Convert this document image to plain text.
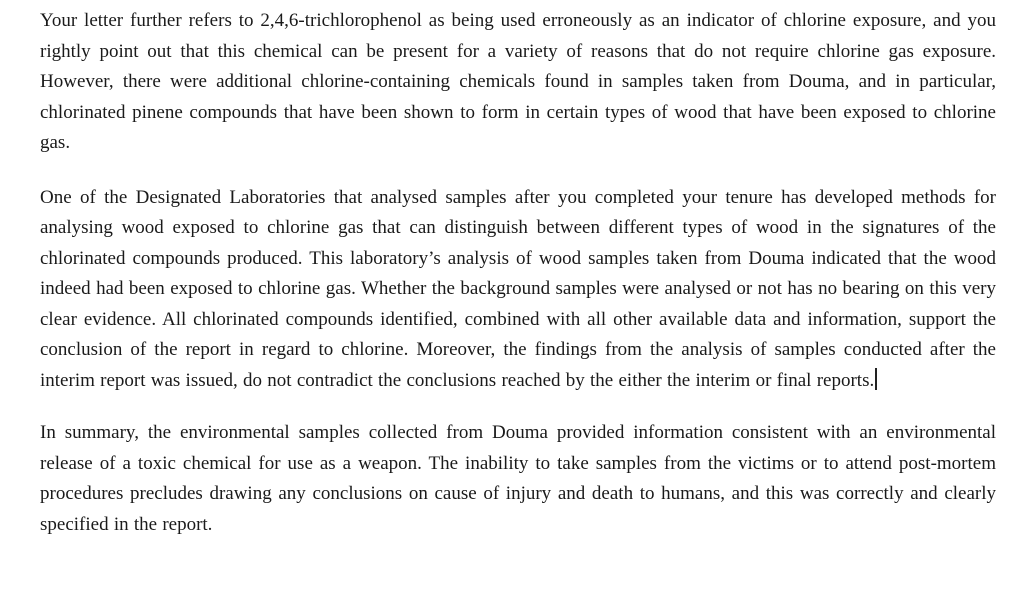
Your letter further refers to 2,4,6-trichlorophenol as being used erroneously as an indicator of chlorine exposure, and you rightly point out that this chemical can be present for a variety of reasons that do not require chlorine gas exposure. However, there were additional chlorine-containing chemicals found in samples taken from Douma, and in particular, chlorinated pinene compounds that have been shown to form in certain types of wood that have been exposed to chlorine gas.

One of the Designated Laboratories that analysed samples after you completed your tenure has developed methods for analysing wood exposed to chlorine gas that can distinguish between different types of wood in the signatures of the chlorinated compounds produced. This laboratory’s analysis of wood samples taken from Douma indicated that the wood indeed had been exposed to chlorine gas. Whether the background samples were analysed or not has no bearing on this very clear evidence. All chlorinated compounds identified, combined with all other available data and information, support the conclusion of the report in regard to chlorine. Moreover, the findings from the analysis of samples conducted after the interim report was issued, do not contradict the conclusions reached by the either the interim or final reports.

In summary, the environmental samples collected from Douma provided information consistent with an environmental release of a toxic chemical for use as a weapon. The inability to take samples from the victims or to attend post-mortem procedures precludes drawing any conclusions on cause of injury and death to humans, and this was correctly and clearly specified in the report.
